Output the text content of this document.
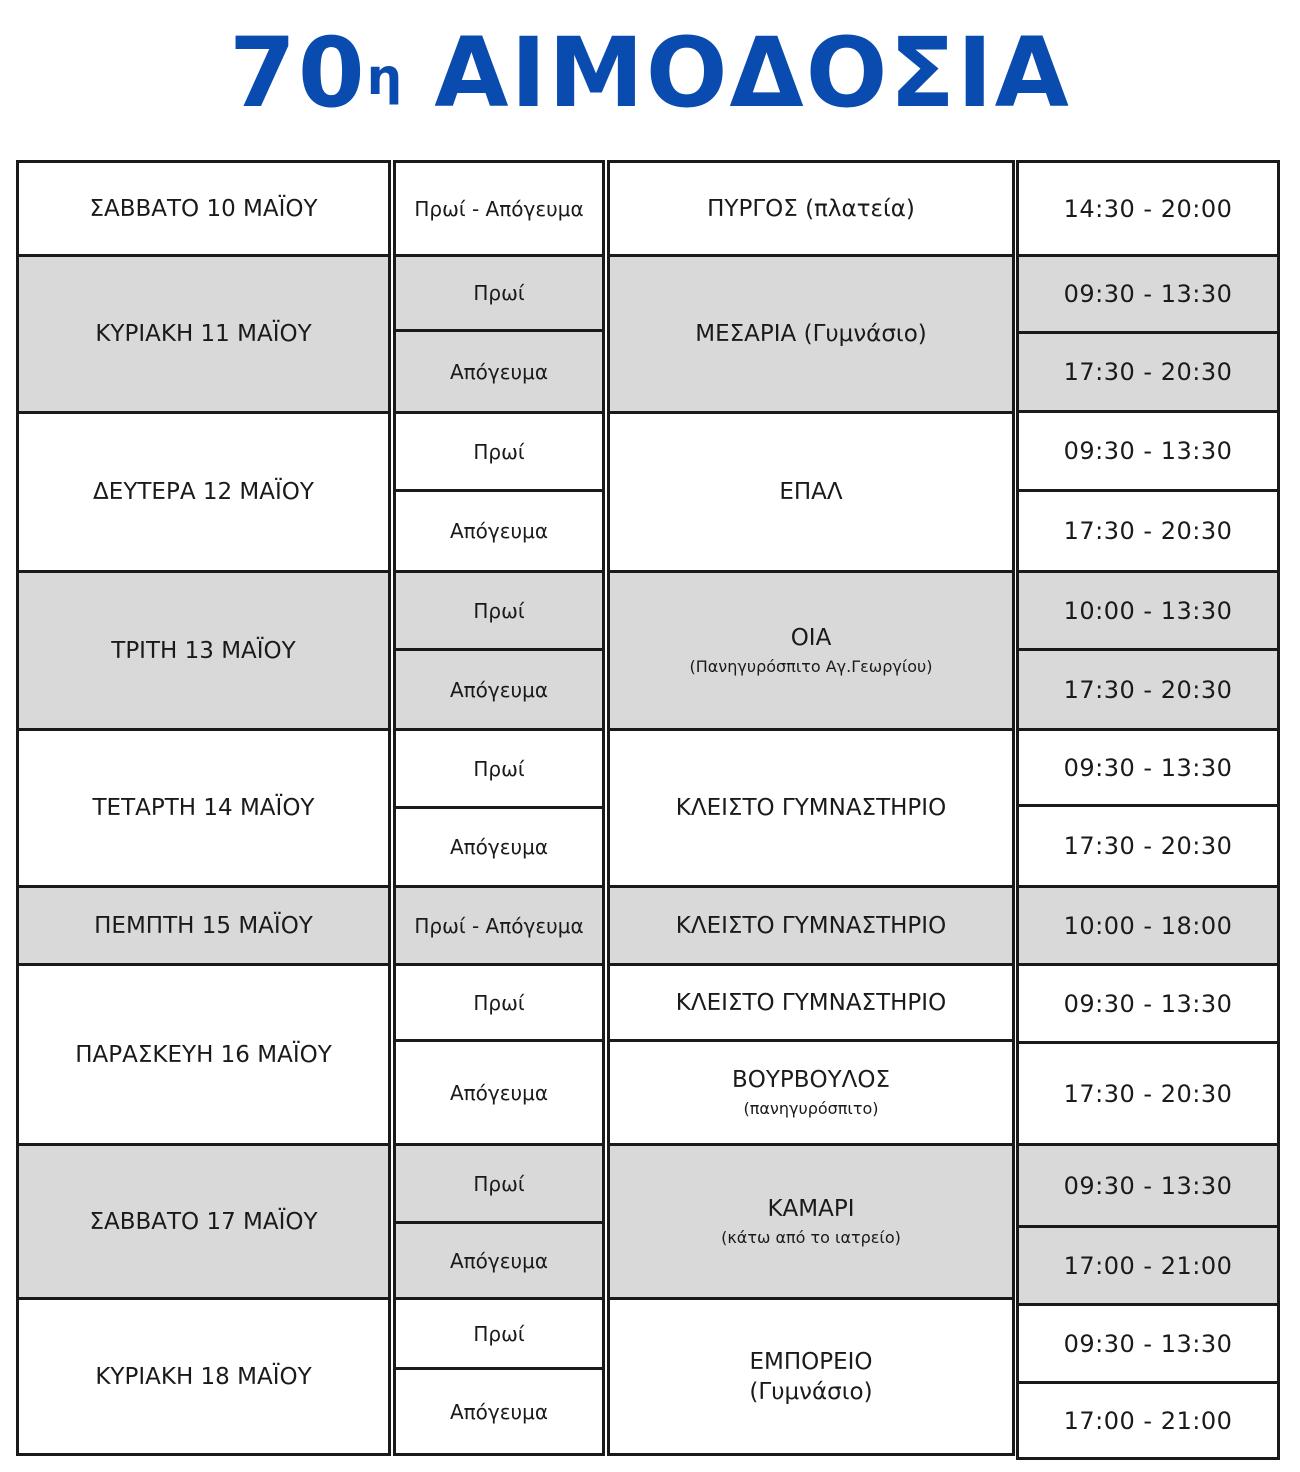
$70^\eta$ ΑΙΜΟΔΟΣΙΑ
ΣΑΒΒΑΤΟ 10 ΜΑΪΟΥ
ΚΥΡΙΑΚΗ 11 ΜΑΪΟΥ
ΔΕΥΤΕΡΑ 12 ΜΑΪΟΥ
ΤΡΙΤΗ 13 ΜΑΪΟΥ
ΤΕΤΑΡΤΗ 14 ΜΑΪΟΥ
ΠΕΜΠΤΗ 15 ΜΑΪΟΥ
ΠΑΡΑΣΚΕΥΗ 16 ΜΑΪΟΥ
ΣΑΒΒΑΤΟ 17 ΜΑΪΟΥ
ΚΥΡΙΑΚΗ 18 ΜΑΪΟΥ
Πρωί - Απόγευμα
Πρωί
Απόγευμα
Πρωί
Απόγευμα
Πρωί
Απόγευμα
Πρωί
Απόγευμα
Πρωί - Απόγευμα
Πρωί
Απόγευμα
Πρωί
Απόγευμα
Πρωί
Απόγευμα
ΠΥΡΓΟΣ (πλατεία)
ΜΕΣΑΡΙΑ (Γυμνάσιο)
ΕΠΑΛ
ΟΙΑ
(Πανηγυρόσπιτο Αγ.Γεωργίου)
ΚΛΕΙΣΤΟ ΓΥΜΝΑΣΤΗΡΙΟ
ΚΛΕΙΣΤΟ ΓΥΜΝΑΣΤΗΡΙΟ
ΚΛΕΙΣΤΟ ΓΥΜΝΑΣΤΗΡΙΟ
ΒΟΥΡΒΟΥΛΟΣ
(πανηγυρόσπιτο)
ΚΑΜΑΡΙ
(κάτω από το ιατρείο)
ΕΜΠΟΡΕΙΟ
(Γυμνάσιο)
14:30 - 20:00
09:30 - 13:30
17:30 - 20:30
09:30 - 13:30
17:30 - 20:30
10:00 - 13:30
17:30 - 20:30
09:30 - 13:30
17:30 - 20:30
10:00 - 18:00
09:30 - 13:30
17:30 - 20:30
09:30 - 13:30
17:00 - 21:00
09:30 - 13:30
17:00 - 21:00
